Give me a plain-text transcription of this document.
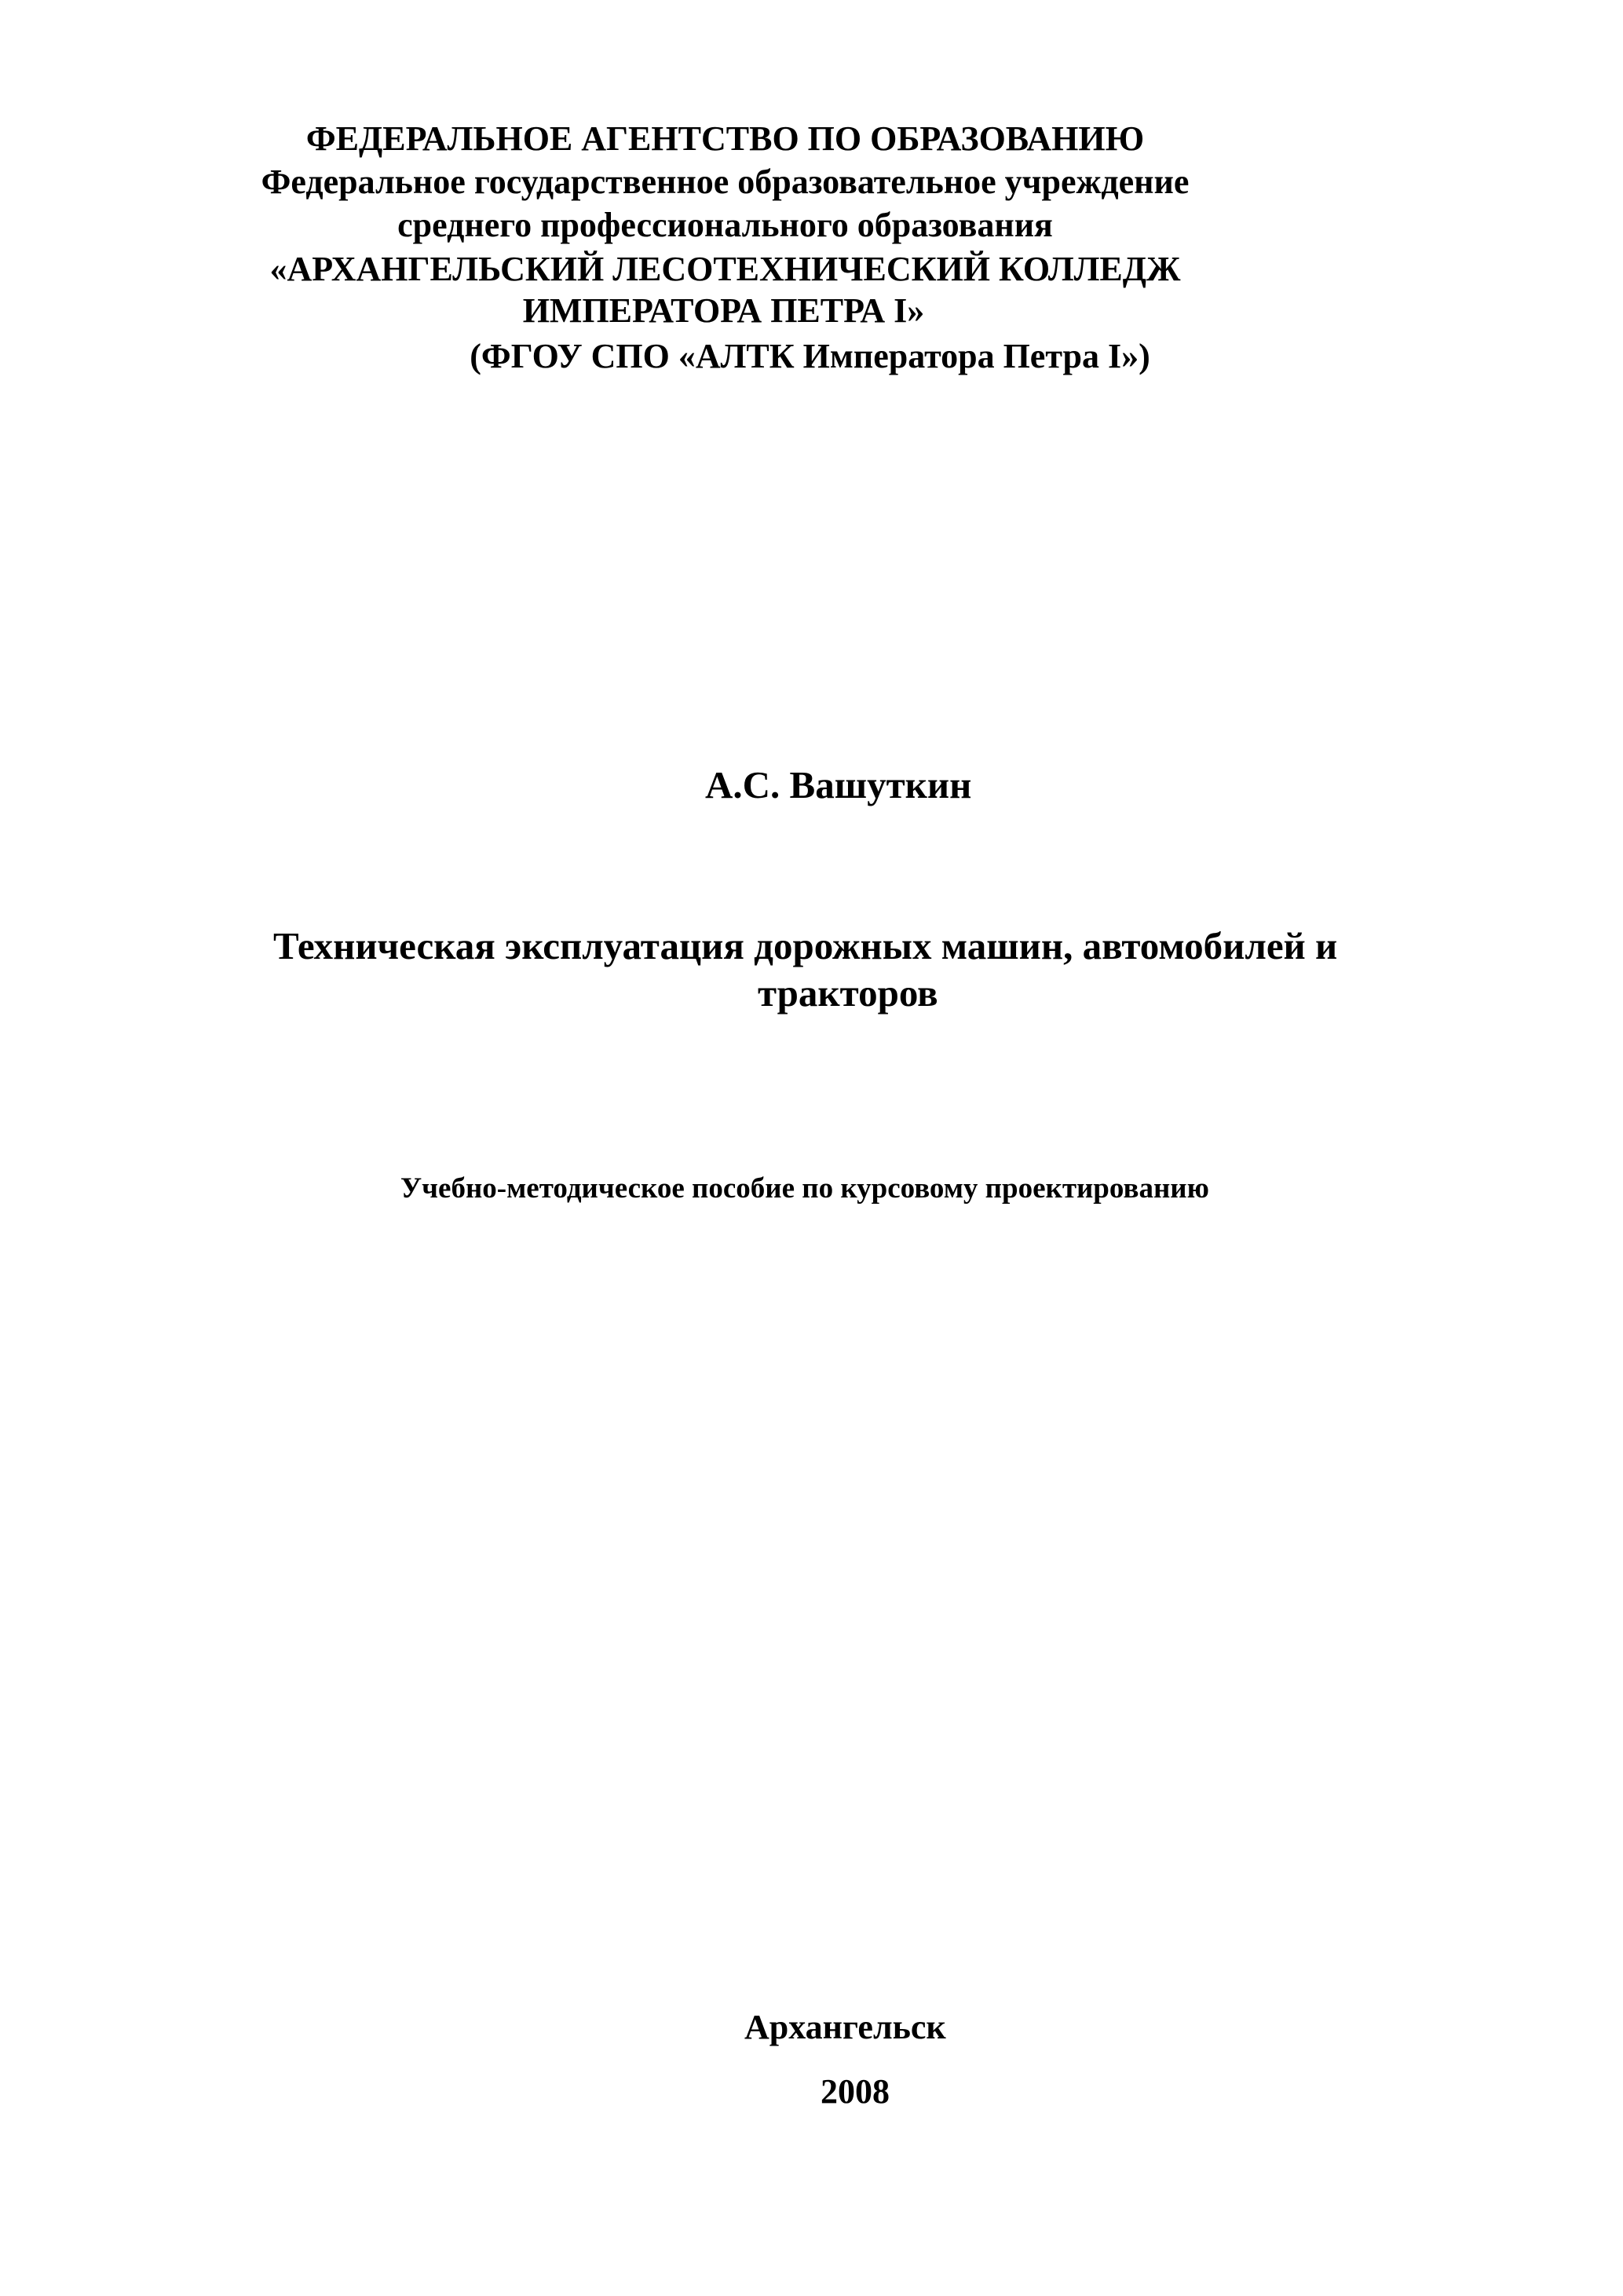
ФЕДЕРАЛЬНОЕ АГЕНТСТВО ПО ОБРАЗОВАНИЮ
Федеральное государственное образовательное учреждение
среднего профессионального образования
«АРХАНГЕЛЬСКИЙ ЛЕСОТЕХНИЧЕСКИЙ КОЛЛЕДЖ
ИМПЕРАТОРА ПЕТРА I»
(ФГОУ СПО «АЛТК Императора Петра I»)
А.С. Вашуткин
Техническая эксплуатация дорожных машин, автомобилей и
тракторов
Учебно-методическое пособие по курсовому проектированию
Архангельск
2008
